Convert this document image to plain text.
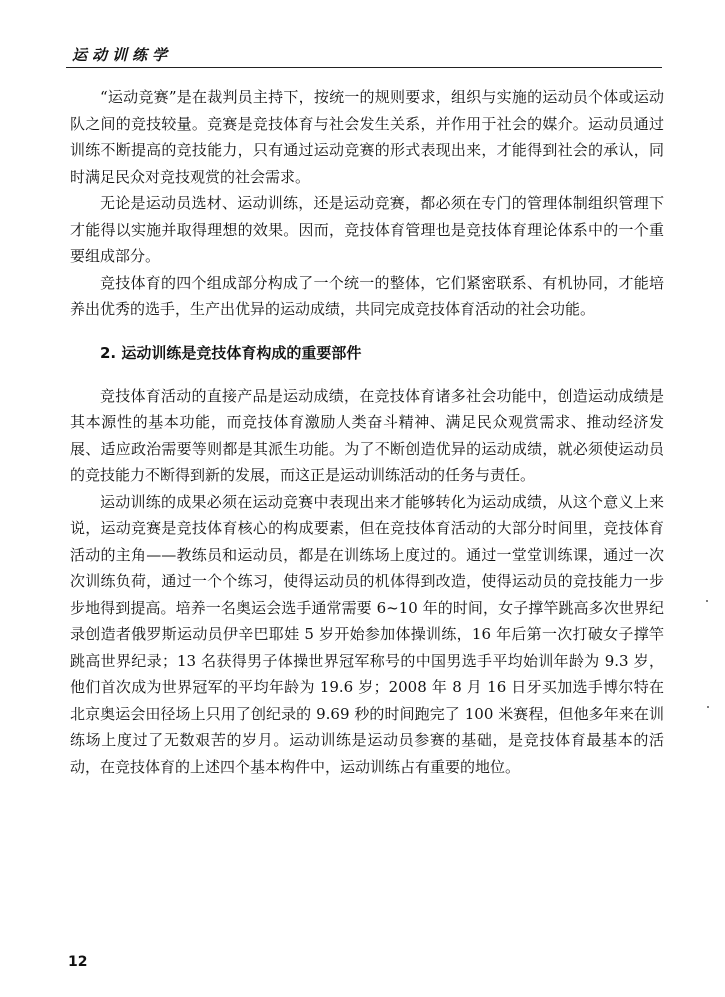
运动训练学

“运动竞赛”是在裁判员主持下，按统一的规则要求，组织与实施的运动员个体或运动队之间的竞技较量。竞赛是竞技体育与社会发生关系，并作用于社会的媒介。运动员通过训练不断提高的竞技能力，只有通过运动竞赛的形式表现出来，才能得到社会的承认，同时满足民众对竞技观赏的社会需求。

无论是运动员选材、运动训练，还是运动竞赛，都必须在专门的管理体制组织管理下才能得以实施并取得理想的效果。因而，竞技体育管理也是竞技体育理论体系中的一个重要组成部分。

竞技体育的四个组成部分构成了一个统一的整体，它们紧密联系、有机协同，才能培养出优秀的选手，生产出优异的运动成绩，共同完成竞技体育活动的社会功能。

2. 运动训练是竞技体育构成的重要部件

竞技体育活动的直接产品是运动成绩，在竞技体育诸多社会功能中，创造运动成绩是其本源性的基本功能，而竞技体育激励人类奋斗精神、满足民众观赏需求、推动经济发展、适应政治需要等则都是其派生功能。为了不断创造优异的运动成绩，就必须使运动员的竞技能力不断得到新的发展，而这正是运动训练活动的任务与责任。

运动训练的成果必须在运动竞赛中表现出来才能够转化为运动成绩，从这个意义上来说，运动竞赛是竞技体育核心的构成要素，但在竞技体育活动的大部分时间里，竞技体育活动的主角——教练员和运动员，都是在训练场上度过的。通过一堂堂训练课，通过一次次训练负荷，通过一个个练习，使得运动员的机体得到改造，使得运动员的竞技能力一步步地得到提高。培养一名奥运会选手通常需要 6~10 年的时间，女子撑竿跳高多次世界纪录创造者俄罗斯运动员伊辛巴耶娃 5 岁开始参加体操训练，16 年后第一次打破女子撑竿跳高世界纪录；13 名获得男子体操世界冠军称号的中国男选手平均始训年龄为 9.3 岁，他们首次成为世界冠军的平均年龄为 19.6 岁；2008 年 8 月 16 日牙买加选手博尔特在北京奥运会田径场上只用了创纪录的 9.69 秒的时间跑完了 100 米赛程，但他多年来在训练场上度过了无数艰苦的岁月。运动训练是运动员参赛的基础，是竞技体育最基本的活动，在竞技体育的上述四个基本构件中，运动训练占有重要的地位。

12
